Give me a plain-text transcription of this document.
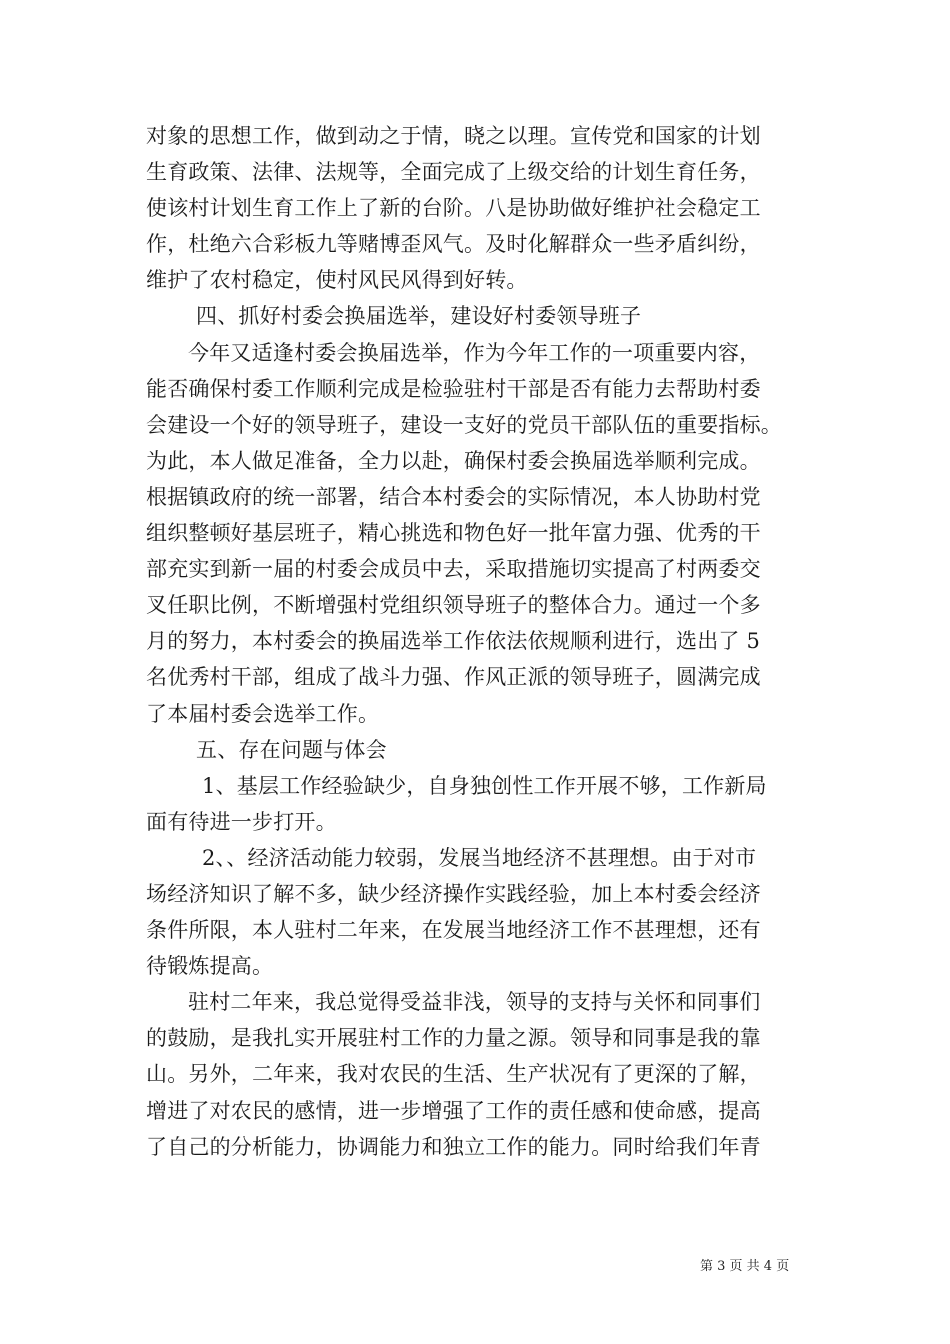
对象的思想工作，做到动之于情，晓之以理。宣传党和国家的计划
生育政策、法律、法规等，全面完成了上级交给的计划生育任务，
使该村计划生育工作上了新的台阶。八是协助做好维护社会稳定工
作，杜绝六合彩板九等赌博歪风气。及时化解群众一些矛盾纠纷，
维护了农村稳定，使村风民风得到好转。
四、抓好村委会换届选举，建设好村委领导班子
今年又适逢村委会换届选举，作为今年工作的一项重要内容，
能否确保村委工作顺利完成是检验驻村干部是否有能力去帮助村委
会建设一个好的领导班子，建设一支好的党员干部队伍的重要指标。
为此，本人做足准备，全力以赴，确保村委会换届选举顺利完成。
根据镇政府的统一部署，结合本村委会的实际情况，本人协助村党
组织整顿好基层班子，精心挑选和物色好一批年富力强、优秀的干
部充实到新一届的村委会成员中去，采取措施切实提高了村两委交
叉任职比例，不断增强村党组织领导班子的整体合力。通过一个多
月的努力，本村委会的换届选举工作依法依规顺利进行，选出了 5
名优秀村干部，组成了战斗力强、作风正派的领导班子，圆满完成
了本届村委会选举工作。
五、存在问题与体会
1、基层工作经验缺少，自身独创性工作开展不够，工作新局
面有待进一步打开。
2、、经济活动能力较弱，发展当地经济不甚理想。由于对市
场经济知识了解不多，缺少经济操作实践经验，加上本村委会经济
条件所限，本人驻村二年来，在发展当地经济工作不甚理想，还有
待锻炼提高。
驻村二年来，我总觉得受益非浅，领导的支持与关怀和同事们
的鼓励，是我扎实开展驻村工作的力量之源。领导和同事是我的靠
山。另外，二年来，我对农民的生活、生产状况有了更深的了解，
增进了对农民的感情，进一步增强了工作的责任感和使命感，提高
了自己的分析能力，协调能力和独立工作的能力。同时给我们年青
第 3 页 共 4 页
